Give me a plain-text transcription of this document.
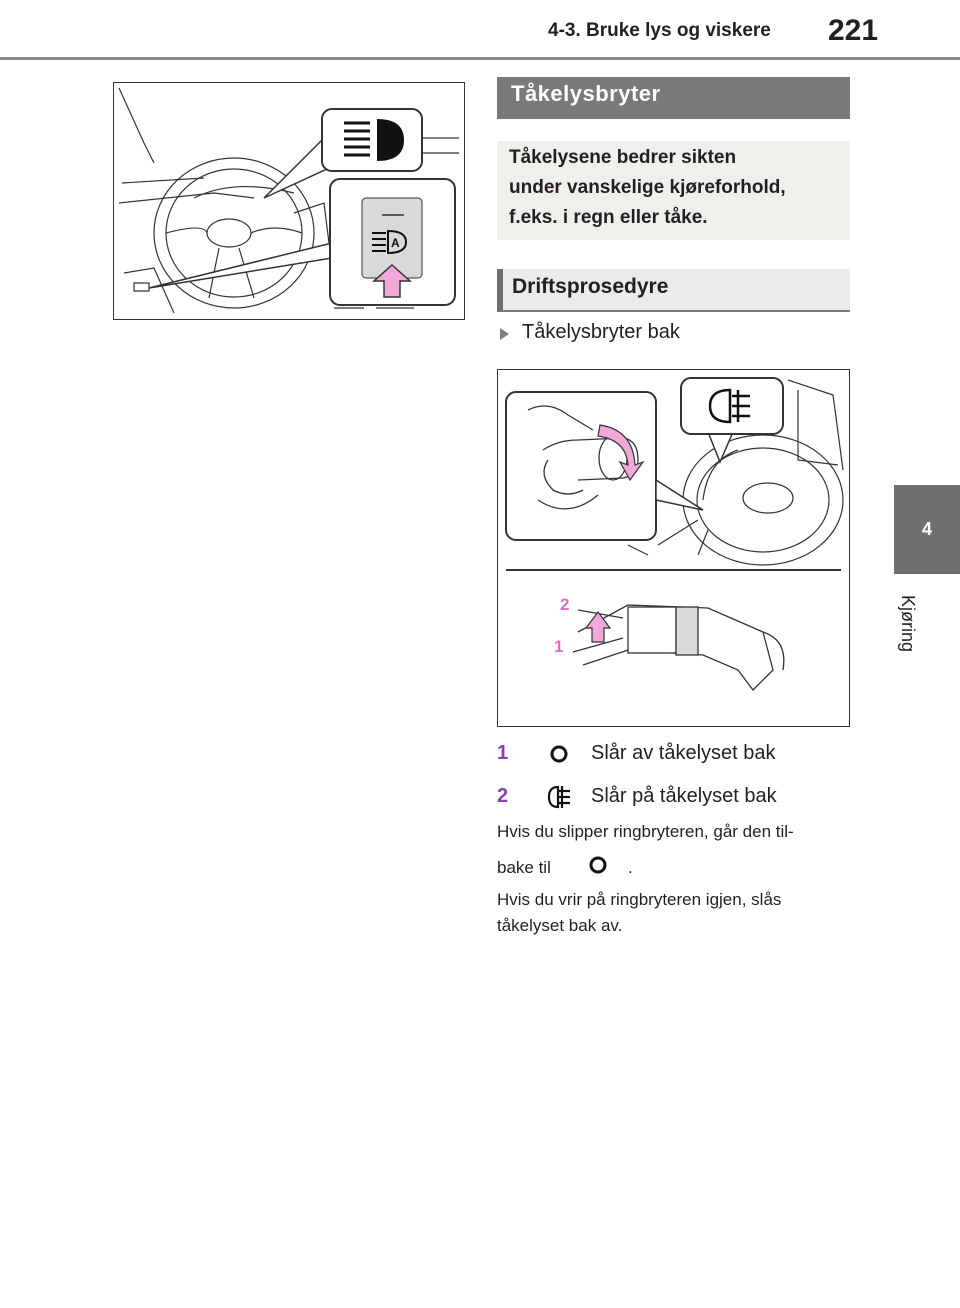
4-3. Bruke lys og viskere 221
4
Kjøring
A
Tåkelysbryter
Tåkelysene bedrer sikten
under vanskelige kjøreforhold,
f.eks. i regn eller tåke.
Driftsprosedyre
Tåkelysbryter bak
2
1
1	Slår av tåkelyset bak
2	Slår på tåkelyset bak
Hvis du slipper ringbryteren, går den til-
bake til	.
Hvis du vrir på ringbryteren igjen, slås
tåkelyset bak av.
